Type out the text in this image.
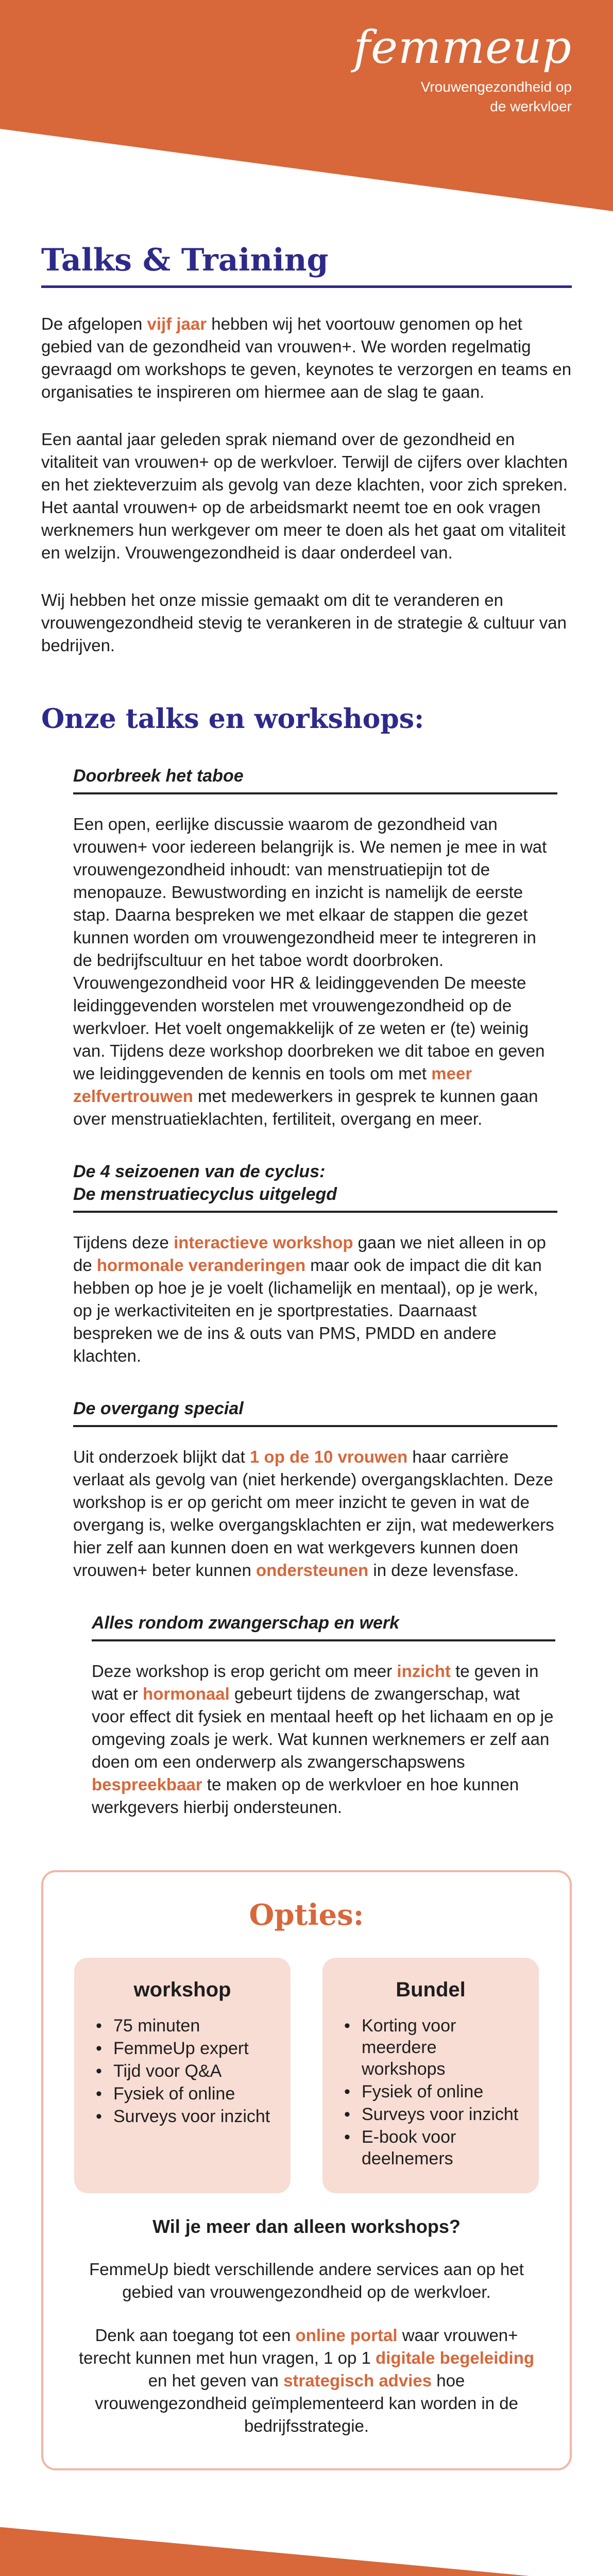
femmeup
Vrouwengezondheid op
de werkvloer
Talks & Training

De afgelopen vijf jaar hebben wij het voortouw genomen op het gebied van de gezondheid van vrouwen+. We worden regelmatig gevraagd om workshops te geven, keynotes te verzorgen en teams en organisaties te inspireren om hiermee aan de slag te gaan.

Een aantal jaar geleden sprak niemand over de gezondheid en vitaliteit van vrouwen+ op de werkvloer. Terwijl de cijfers over klachten en het ziekteverzuim als gevolg van deze klachten, voor zich spreken. Het aantal vrouwen+ op de arbeidsmarkt neemt toe en ook vragen werknemers hun werkgever om meer te doen als het gaat om vitaliteit en welzijn. Vrouwengezondheid is daar onderdeel van.

Wij hebben het onze missie gemaakt om dit te veranderen en vrouwengezondheid stevig te verankeren in de strategie & cultuur van bedrijven.

Onze talks en workshops:
Doorbreek het taboe

Een open, eerlijke discussie waarom de gezondheid van vrouwen+ voor iedereen belangrijk is. We nemen je mee in wat vrouwengezondheid inhoudt: van menstruatiepijn tot de menopauze. Bewustwording en inzicht is namelijk de eerste stap. Daarna bespreken we met elkaar de stappen die gezet kunnen worden om vrouwengezondheid meer te integreren in de bedrijfscultuur en het taboe wordt doorbroken. Vrouwengezondheid voor HR & leidinggevenden De meeste leidinggevenden worstelen met vrouwengezondheid op de werkvloer. Het voelt ongemakkelijk of ze weten er (te) weinig van. Tijdens deze workshop doorbreken we dit taboe en geven we leidinggevenden de kennis en tools om met meer zelfvertrouwen met medewerkers in gesprek te kunnen gaan over menstruatieklachten, fertiliteit, overgang en meer.

De 4 seizoenen van de cyclus:
De menstruatiecyclus uitgelegd

Tijdens deze interactieve workshop gaan we niet alleen in op de hormonale veranderingen maar ook de impact die dit kan hebben op hoe je je voelt (lichamelijk en mentaal), op je werk, op je werkactiviteiten en je sportprestaties. Daarnaast bespreken we de ins & outs van PMS, PMDD en andere klachten.

De overgang special

Uit onderzoek blijkt dat 1 op de 10 vrouwen haar carrière verlaat als gevolg van (niet herkende) overgangsklachten. Deze workshop is er op gericht om meer inzicht te geven in wat de overgang is, welke overgangsklachten er zijn, wat medewerkers hier zelf aan kunnen doen en wat werkgevers kunnen doen vrouwen+ beter kunnen ondersteunen in deze levensfase.

Alles rondom zwangerschap en werk

Deze workshop is erop gericht om meer inzicht te geven in wat er hormonaal gebeurt tijdens de zwangerschap, wat voor effect dit fysiek en mentaal heeft op het lichaam en op je omgeving zoals je werk. Wat kunnen werknemers er zelf aan doen om een onderwerp als zwangerschapswens bespreekbaar te maken op de werkvloer en hoe kunnen werkgevers hierbij ondersteunen.

Opties:
workshop
• 75 minuten
• FemmeUp expert
• Tijd voor Q&A
• Fysiek of online
• Surveys voor inzicht
Bundel
• Korting voor meerdere workshops
• Fysiek of online
• Surveys voor inzicht
• E-book voor deelnemers

Wil je meer dan alleen workshops?

FemmeUp biedt verschillende andere services aan op het gebied van vrouwengezondheid op de werkvloer.

Denk aan toegang tot een online portal waar vrouwen+ terecht kunnen met hun vragen, 1 op 1 digitale begeleiding en het geven van strategisch advies hoe vrouwengezondheid geïmplementeerd kan worden in de bedrijfsstrategie.
